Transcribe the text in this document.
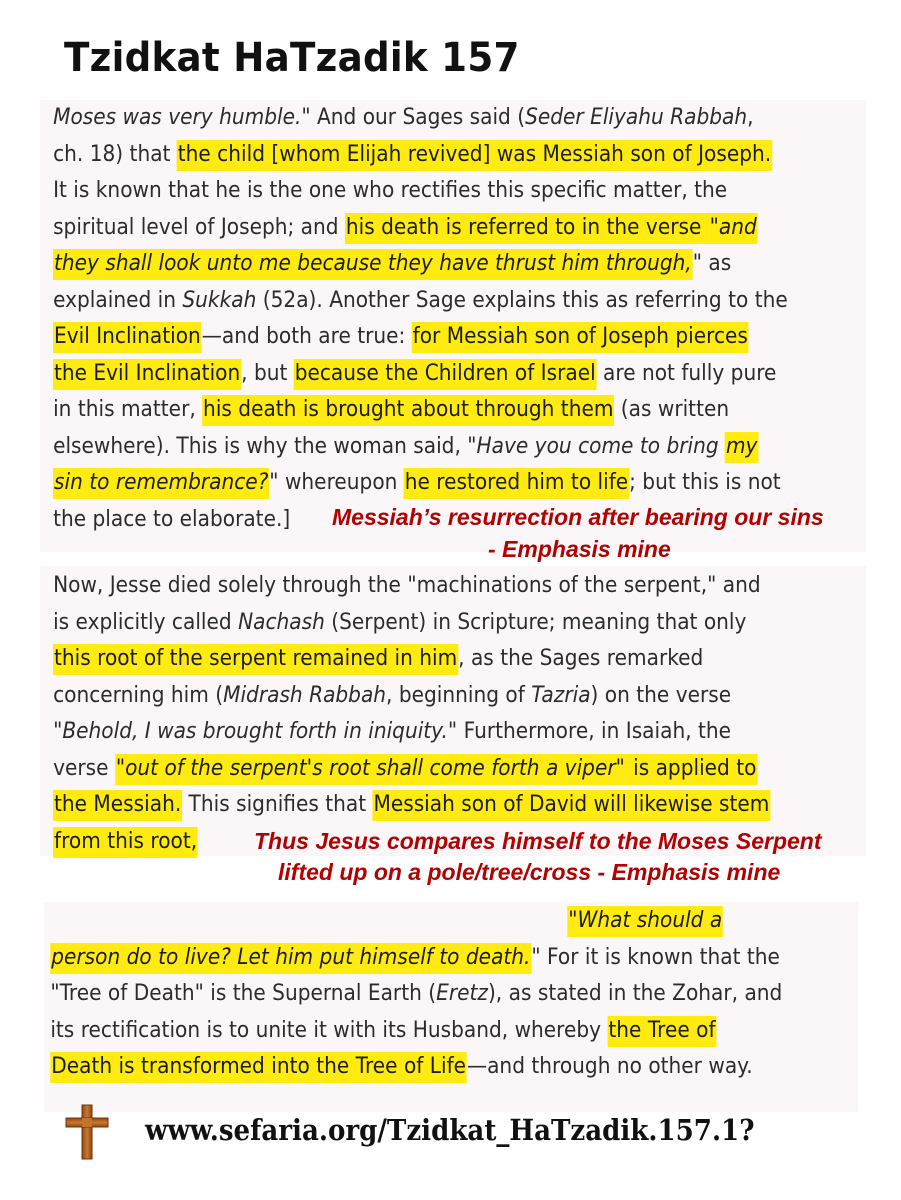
Tzidkat HaTzadik 157
Moses was very humble." And our Sages said (Seder Eliyahu Rabbah,
ch. 18) that the child [whom Elijah revived] was Messiah son of Joseph.
It is known that he is the one who rectifies this specific matter, the
spiritual level of Joseph; and his death is referred to in the verse "and
they shall look unto me because they have thrust him through," as
explained in Sukkah (52a). Another Sage explains this as referring to the
Evil Inclination—and both are true: for Messiah son of Joseph pierces
the Evil Inclination, but because the Children of Israel are not fully pure
in this matter, his death is brought about through them (as written
elsewhere). This is why the woman said, "Have you come to bring my
sin to remembrance?" whereupon he restored him to life; but this is not
the place to elaborate.]
Now, Jesse died solely through the "machinations of the serpent," and
is explicitly called Nachash (Serpent) in Scripture; meaning that only
this root of the serpent remained in him, as the Sages remarked
concerning him (Midrash Rabbah, beginning of Tazria) on the verse
"Behold, I was brought forth in iniquity." Furthermore, in Isaiah, the
verse "out of the serpent's root shall come forth a viper" is applied to
the Messiah. This signifies that Messiah son of David will likewise stem
from this root,
"What should a
person do to live? Let him put himself to death." For it is known that the
"Tree of Death" is the Supernal Earth (Eretz), as stated in the Zohar, and
its rectification is to unite it with its Husband, whereby the Tree of
Death is transformed into the Tree of Life—and through no other way.

Messiah’s resurrection after bearing our sins

- Emphasis mine

Thus Jesus compares himself to the Moses Serpent

lifted up on a pole/tree/cross - Emphasis mine

www.sefaria.org/Tzidkat_HaTzadik.157.1?
